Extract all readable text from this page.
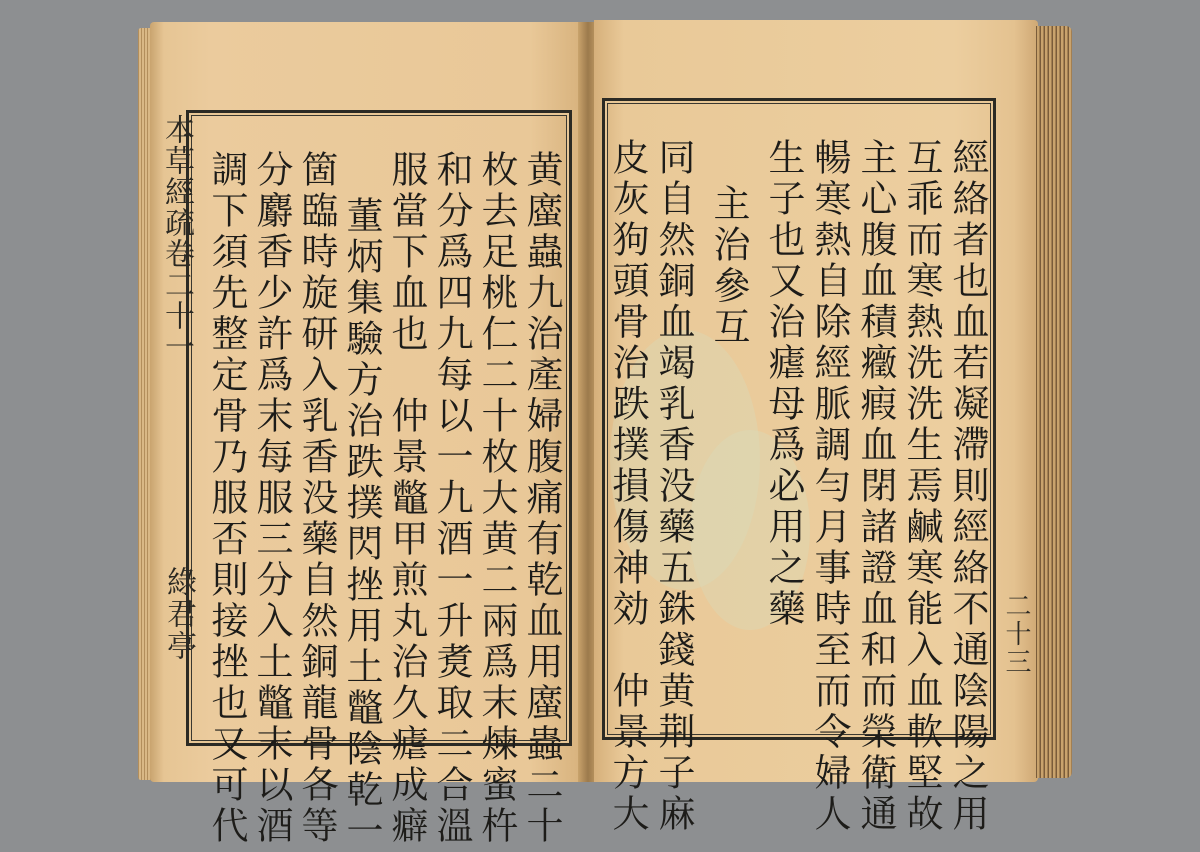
本草經疏卷二十一
綠君亭	黄䗪蟲九治產婦腹痛有乾血用䗪蟲二十
枚去足桃仁二十枚大黄二兩爲末煉蜜杵
和分爲四九每以一九酒一升煑取二合溫
服當下血也　仲景鼈甲煎丸治久瘧成癖
董炳集驗方治跌撲閃挫用土鼈陰乾一
箇臨時旋研入乳香没藥自然銅龍骨各等
分麝香少許爲末每服三分入土鼈末以酒
調下須先整定骨乃服否則接挫也又可代	二十三
經絡者也血若凝滯則經絡不通陰陽之用
互乖而寒熱洗洗生焉鹹寒能入血軟堅故
主心腹血積癥瘕血閉諸證血和而榮衛通
暢寒熱自除經脈調勻月事時至而令婦人
生子也又治瘧母爲必用之藥
主治參互
同自然銅血竭乳香没藥五銖錢黄荆子麻
皮灰狗頭骨治跌撲損傷神効　仲景方大
